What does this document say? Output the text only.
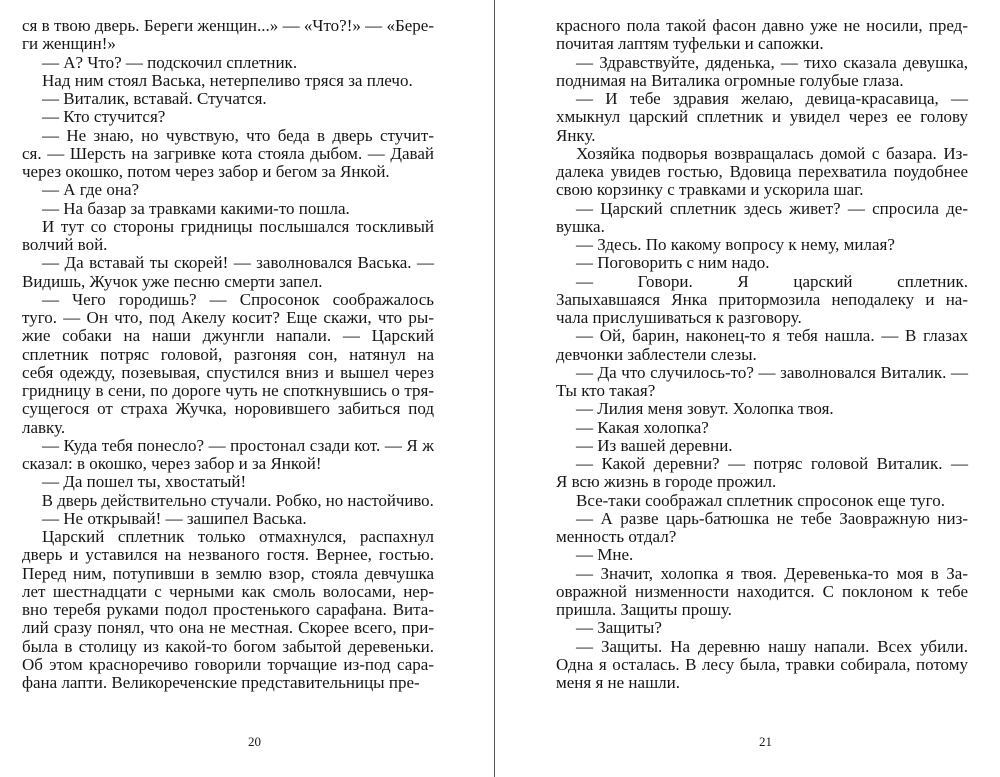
ся в твою дверь. Береги женщин...» — «Что?!» — «Бере-
ги женщин!»
— А? Что? — подскочил сплетник.
Над ним стоял Васька, нетерпеливо тряся за плечо.
— Виталик, вставай. Стучатся.
— Кто стучится?
— Не знаю, но чувствую, что беда в дверь стучит-
ся. — Шерсть на загривке кота стояла дыбом. — Давай
через окошко, потом через забор и бегом за Янкой.
— А где она?
— На базар за травками какими-то пошла.
И тут со стороны гридницы послышался тоскливый
волчий вой.
— Да вставай ты скорей! — заволновался Васька. —
Видишь, Жучок уже песню смерти запел.
— Чего городишь? — Спросонок соображалось
туго. — Он что, под Акелу косит? Еще скажи, что ры-
жие собаки на наши джунгли напали. — Царский
сплетник потряс головой, разгоняя сон, натянул на
себя одежду, позевывая, спустился вниз и вышел через
гридницу в сени, по дороге чуть не споткнувшись о тря-
сущегося от страха Жучка, норовившего забиться под
лавку.
— Куда тебя понесло? — простонал сзади кот. — Я ж
сказал: в окошко, через забор и за Янкой!
— Да пошел ты, хвостатый!
В дверь действительно стучали. Робко, но настойчиво.
— Не открывай! — зашипел Васька.
Царский сплетник только отмахнулся, распахнул
дверь и уставился на незваного гостя. Вернее, гостью.
Перед ним, потупивши в землю взор, стояла девчушка
лет шестнадцати с черными как смоль волосами, нер-
вно теребя руками подол простенького сарафана. Вита-
лий сразу понял, что она не местная. Скорее всего, при-
была в столицу из какой-то богом забытой деревеньки.
Об этом красноречиво говорили торчащие из-под сара-
фана лапти. Великореченские представительницы пре-
красного пола такой фасон давно уже не носили, пред-
почитая лаптям туфельки и сапожки.
— Здравствуйте, дяденька, — тихо сказала девушка,
поднимая на Виталика огромные голубые глаза.
— И тебе здравия желаю, девица-красавица, —
хмыкнул царский сплетник и увидел через ее голову
Янку.
Хозяйка подворья возвращалась домой с базара. Из-
далека увидев гостью, Вдовица перехватила поудобнее
свою корзинку с травками и ускорила шаг.
— Царский сплетник здесь живет? — спросила де-
вушка.
— Здесь. По какому вопросу к нему, милая?
— Поговорить с ним надо.
— Говори. Я царский сплетник.
Запыхавшаяся Янка притормозила неподалеку и на-
чала прислушиваться к разговору.
— Ой, барин, наконец-то я тебя нашла. — В глазах
девчонки заблестели слезы.
— Да что случилось-то? — заволновался Виталик. —
Ты кто такая?
— Лилия меня зовут. Холопка твоя.
— Какая холопка?
— Из вашей деревни.
— Какой деревни? — потряс головой Виталик. —
Я всю жизнь в городе прожил.
Все-таки соображал сплетник спросонок еще туго.
— А разве царь-батюшка не тебе Заовражную низ-
менность отдал?
— Мне.
— Значит, холопка я твоя. Деревенька-то моя в За-
овражной низменности находится. С поклоном к тебе
пришла. Защиты прошу.
— Защиты?
— Защиты. На деревню нашу напали. Всех убили.
Одна я осталась. В лесу была, травки собирала, потому
меня я не нашли.
20	21
